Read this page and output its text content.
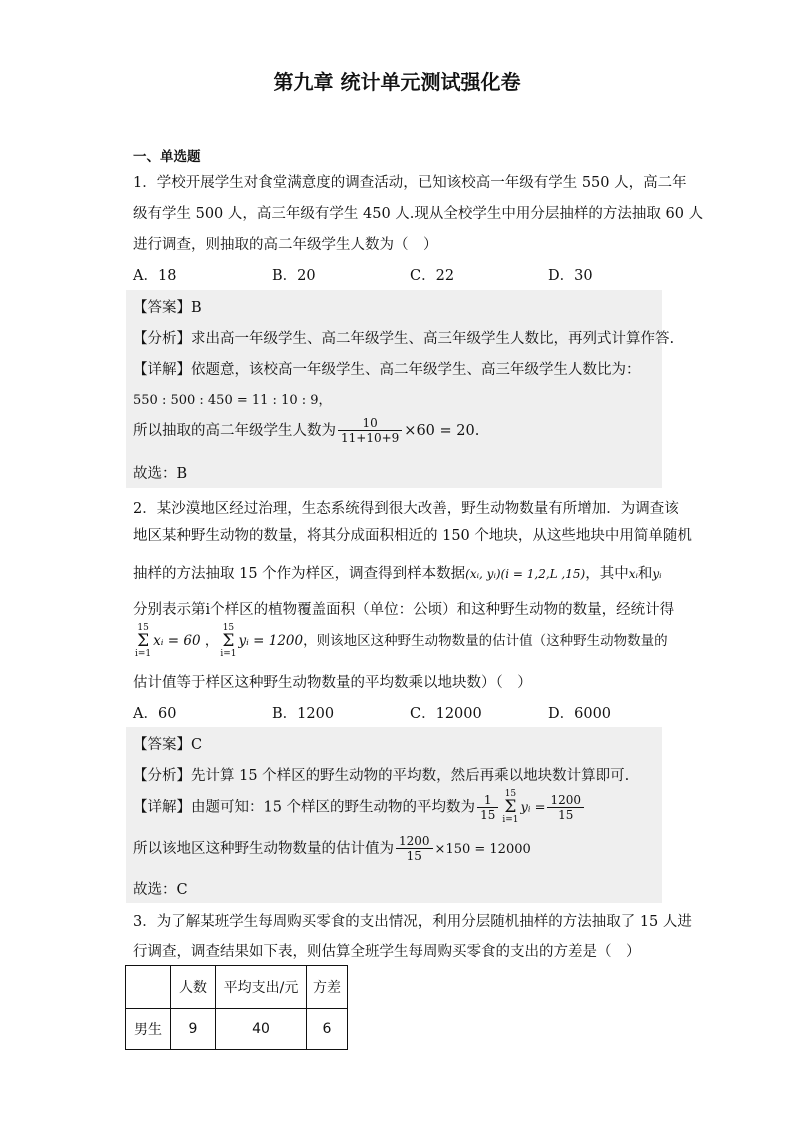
第九章 统计单元测试强化卷
一、单选题
1．学校开展学生对食堂满意度的调查活动，已知该校高一年级有学生 550 人，高二年
级有学生 500 人，高三年级有学生 450 人.现从全校学生中用分层抽样的方法抽取 60 人
进行调查，则抽取的高二年级学生人数为（　）
A．18	B．20	C．22	D．30
【答案】B
【分析】求出高一年级学生、高二年级学生、高三年级学生人数比，再列式计算作答.
【详解】依题意，该校高一年级学生、高二年级学生、高三年级学生人数比为：
550 : 500 : 450 = 11 : 10 : 9，
所以抽取的高二年级学生人数为 $\frac{10}{11+10+9} \times 60 = 20$.
故选：B
2．某沙漠地区经过治理，生态系统得到很大改善，野生动物数量有所增加．为调查该
地区某种野生动物的数量，将其分成面积相近的 150 个地块，从这些地块中用简单随机
抽样的方法抽取 15 个作为样区，调查得到样本数据(xᵢ, yᵢ)(i = 1,2,L ,15)，其中xᵢ和yᵢ
分别表示第i个样区的植物覆盖面积（单位：公顷）和这种野生动物的数量，经统计得
15
Σ
i=1xᵢ = 60 ，15
Σ
i=1yᵢ = 1200，则该地区这种野生动物数量的估计值（这种野生动物数量的
估计值等于样区这种野生动物数量的平均数乘以地块数）（　）
A．60	B．1200	C．12000	D．6000
【答案】C
【分析】先计算 15 个样区的野生动物的平均数，然后再乘以地块数计算即可.
【详解】由题可知：15 个样区的野生动物的平均数为 $\frac{1}{15} 15$
Σ
i=1yᵢ = $\frac{1200}{15}$
所以该地区这种野生动物数量的估计值为 $\frac{1200}{15} \times 150 = 12000$
故选：C
3．为了解某班学生每周购买零食的支出情况，利用分层随机抽样的方法抽取了 15 人进
行调查，调查结果如下表，则估算全班学生每周购买零食的支出的方差是（　）
	人数	平均支出/元	方差
男生	9	40	6
